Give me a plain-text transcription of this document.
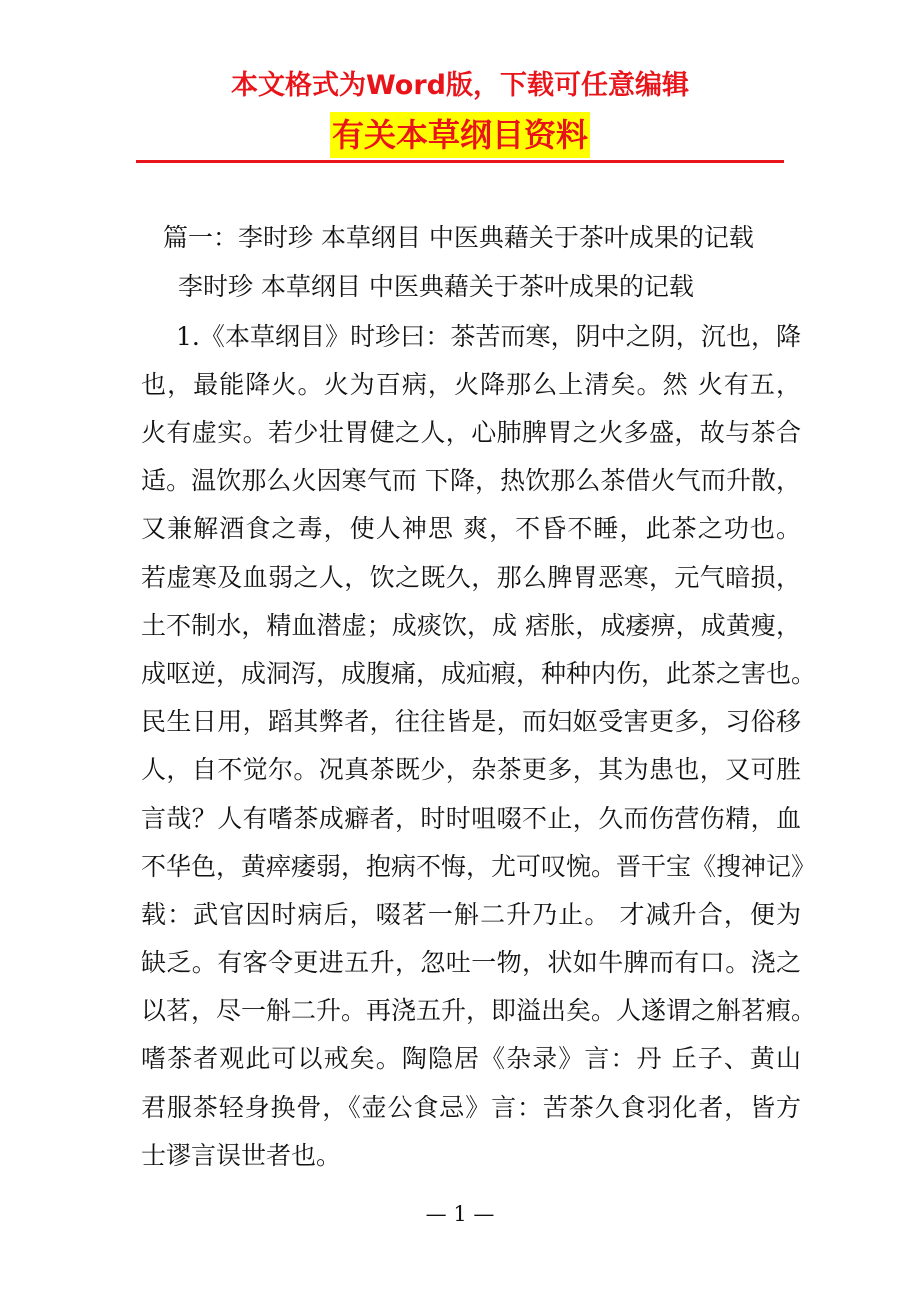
本文格式为Word版，下载可任意编辑
有关本草纲目资料
篇一：李时珍 本草纲目 中医典藉关于茶叶成果的记载
李时珍 本草纲目 中医典藉关于茶叶成果的记载
1.《本草纲目》时珍曰：茶苦而寒，阴中之阴，沉也，降
也，最能降火。火为百病，火降那么上清矣。然 火有五，
火有虚实。若少壮胃健之人，心肺脾胃之火多盛，故与茶合
适。温饮那么火因寒气而 下降，热饮那么茶借火气而升散，
又兼解酒食之毒，使人神思 爽，不昏不睡，此茶之功也。
若虚寒及血弱之人，饮之既久，那么脾胃恶寒，元气暗损，
土不制水，精血潜虚；成痰饮，成 痞胀，成痿痹，成黄瘦，
成呕逆，成洞泻，成腹痛，成疝瘕，种种内伤，此茶之害也。
民生日用，蹈其弊者，往往皆是，而妇妪受害更多，习俗移
人，自不觉尔。况真茶既少，杂茶更多，其为患也，又可胜
言哉？人有嗜茶成癖者，时时咀啜不止，久而伤营伤精，血
不华色，黄瘁痿弱，抱病不悔，尤可叹惋。晋干宝《搜神记》
载：武官因时病后，啜茗一斛二升乃止。 才减升合，便为
缺乏。有客令更进五升，忽吐一物，状如牛脾而有口。浇之
以茗，尽一斛二升。再浇五升，即溢出矣。人遂谓之斛茗瘕。
嗜茶者观此可以戒矣。陶隐居《杂录》言：丹 丘子、黄山
君服茶轻身换骨，《壶公食忌》言：苦茶久食羽化者，皆方
士谬言误世者也。
— 1 —
